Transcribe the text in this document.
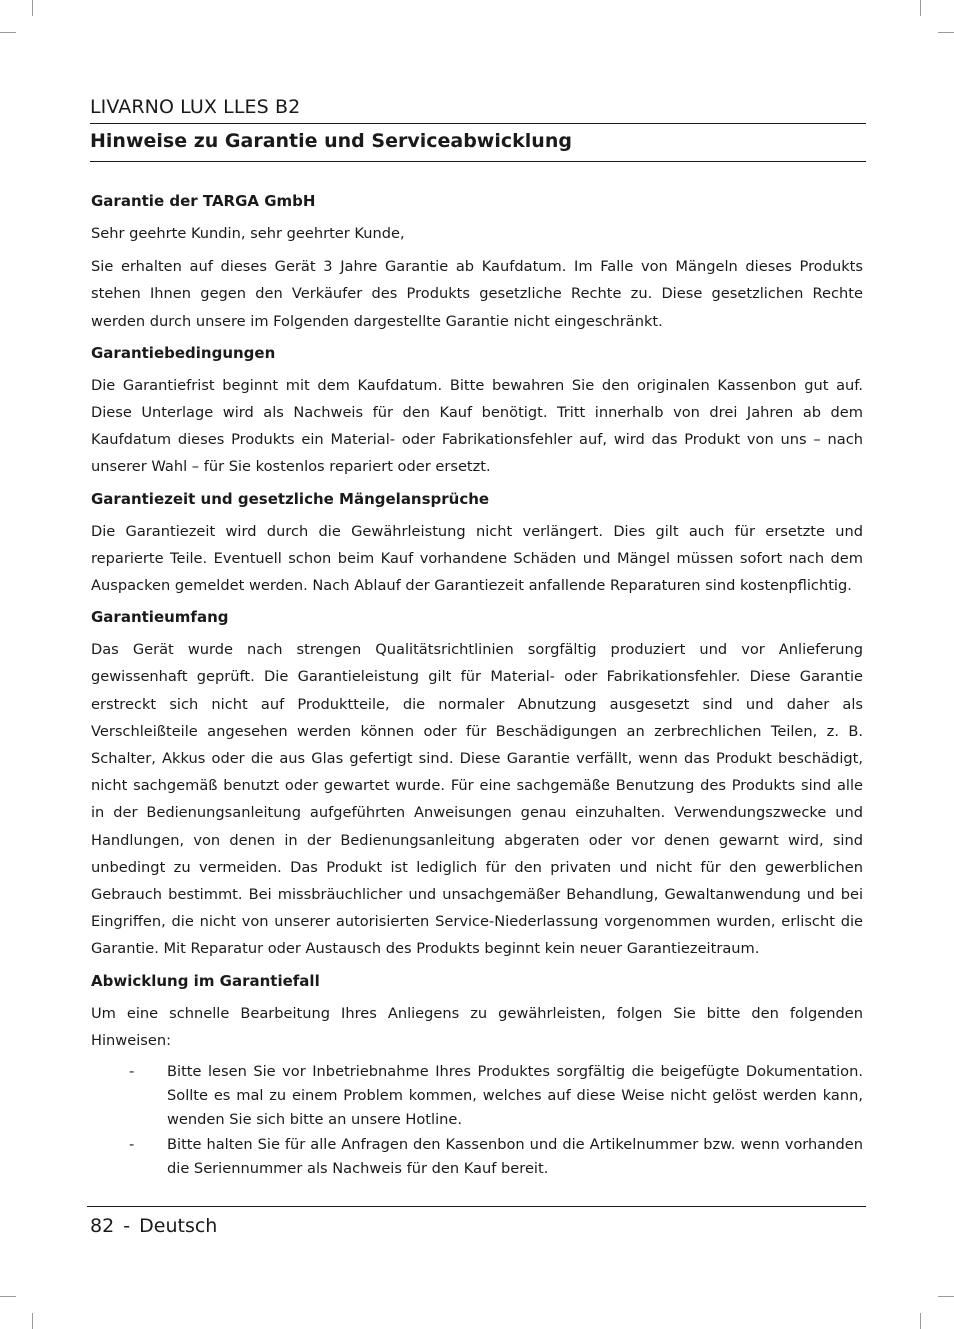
LIVARNO LUX LLES B2
Hinweise zu Garantie und Serviceabwicklung
Garantie der TARGA GmbH

Sehr geehrte Kundin, sehr geehrter Kunde,

Sie erhalten auf dieses Gerät 3 Jahre Garantie ab Kaufdatum. Im Falle von Mängeln dieses Produkts stehen Ihnen gegen den Verkäufer des Produkts gesetzliche Rechte zu. Diese gesetzlichen Rechte werden durch unsere im Folgenden dargestellte Garantie nicht eingeschränkt.

Garantiebedingungen

Die Garantiefrist beginnt mit dem Kaufdatum. Bitte bewahren Sie den originalen Kassenbon gut auf. Diese Unterlage wird als Nachweis für den Kauf benötigt. Tritt innerhalb von drei Jahren ab dem Kaufdatum dieses Produkts ein Material- oder Fabrikationsfehler auf, wird das Produkt von uns – nach unserer Wahl – für Sie kostenlos repariert oder ersetzt.

Garantiezeit und gesetzliche Mängelansprüche

Die Garantiezeit wird durch die Gewährleistung nicht verlängert. Dies gilt auch für ersetzte und reparierte Teile. Eventuell schon beim Kauf vorhandene Schäden und Mängel müssen sofort nach dem Auspacken gemeldet werden. Nach Ablauf der Garantiezeit anfallende Reparaturen sind kostenpflichtig.

Garantieumfang

Das Gerät wurde nach strengen Qualitätsrichtlinien sorgfältig produziert und vor Anlieferung gewissenhaft geprüft. Die Garantieleistung gilt für Material- oder Fabrikationsfehler. Diese Garantie erstreckt sich nicht auf Produktteile, die normaler Abnutzung ausgesetzt sind und daher als Verschleißteile angesehen werden können oder für Beschädigungen an zerbrechlichen Teilen, z. B. Schalter, Akkus oder die aus Glas gefertigt sind. Diese Garantie verfällt, wenn das Produkt beschädigt, nicht sachgemäß benutzt oder gewartet wurde. Für eine sachgemäße Benutzung des Produkts sind alle in der Bedienungsanleitung aufgeführten Anweisungen genau einzuhalten. Verwendungszwecke und Handlungen, von denen in der Bedienungsanleitung abgeraten oder vor denen gewarnt wird, sind unbedingt zu vermeiden. Das Produkt ist lediglich für den privaten und nicht für den gewerblichen Gebrauch bestimmt. Bei missbräuchlicher und unsachgemäßer Behandlung, Gewaltanwendung und bei Eingriffen, die nicht von unserer autorisierten Service-Niederlassung vorgenommen wurden, erlischt die Garantie. Mit Reparatur oder Austausch des Produkts beginnt kein neuer Garantiezeitraum.

Abwicklung im Garantiefall

Um eine schnelle Bearbeitung Ihres Anliegens zu gewährleisten, folgen Sie bitte den folgenden Hinweisen:

- Bitte lesen Sie vor Inbetriebnahme Ihres Produktes sorgfältig die beigefügte Dokumentation. Sollte es mal zu einem Problem kommen, welches auf diese Weise nicht gelöst werden kann, wenden Sie sich bitte an unsere Hotline.
- Bitte halten Sie für alle Anfragen den Kassenbon und die Artikelnummer bzw. wenn vorhanden die Seriennummer als Nachweis für den Kauf bereit.
82 - Deutsch
